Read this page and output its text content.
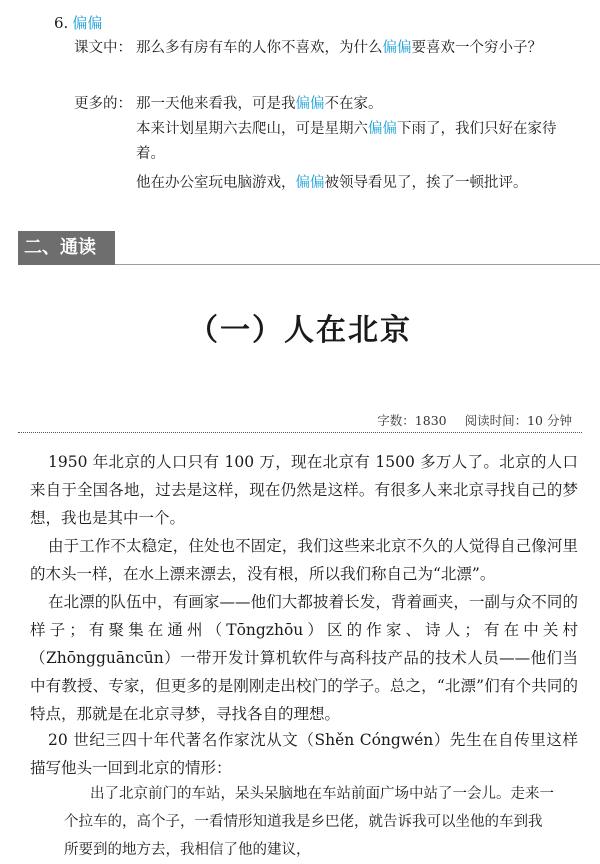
6. 偏偏
课文中： 那么多有房有车的人你不喜欢，为什么偏偏要喜欢一个穷小子？
更多的： 那一天他来看我，可是我偏偏不在家。
本来计划星期六去爬山，可是星期六偏偏下雨了，我们只好在家待着。
他在办公室玩电脑游戏，偏偏被领导看见了，挨了一顿批评。
二、通读
（一）人在北京
字数：1830 阅读时间：10 分钟
1950 年北京的人口只有 100 万，现在北京有 1500 多万人了。北京的人口来自于全国各地，过去是这样，现在仍然是这样。有很多人来北京寻找自己的梦想，我也是其中一个。
由于工作不太稳定，住处也不固定，我们这些来北京不久的人觉得自己像河里的木头一样，在水上漂来漂去，没有根，所以我们称自己为“北漂”。
在北漂的队伍中，有画家——他们大都披着长发，背着画夹，一副与众不同的样子；有聚集在通州（Tōngzhōu）区的作家、诗人；有在中关村（Zhōngguāncūn）一带开发计算机软件与高科技产品的技术人员——他们当中有教授、专家，但更多的是刚刚走出校门的学子。总之，“北漂”们有个共同的特点，那就是在北京寻梦，寻找各自的理想。
20 世纪三四十年代著名作家沈从文（Shěn Cóngwén）先生在自传里这样描写他头一回到北京的情形：
出了北京前门的车站，呆头呆脑地在车站前面广场中站了一会儿。走来一个拉车的，高个子，一看情形知道我是乡巴佬，就告诉我可以坐他的车到我所要到的地方去，我相信了他的建议，
